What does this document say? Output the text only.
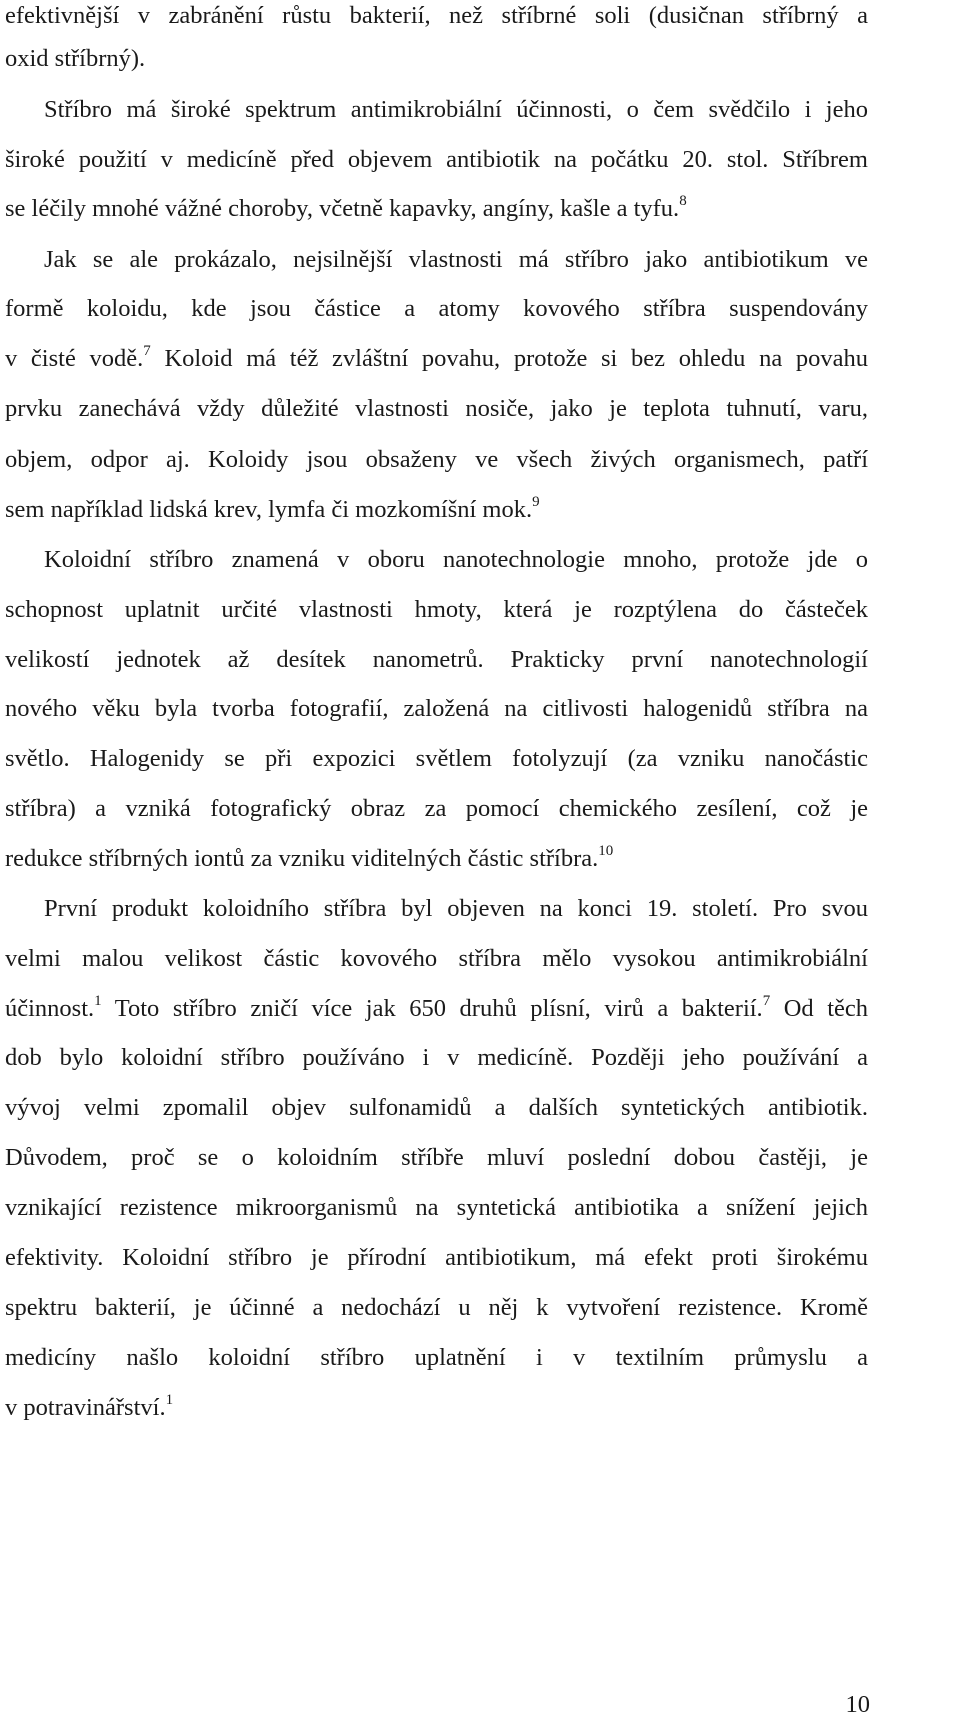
efektivnější v zabránění růstu bakterií, než stříbrné soli (dusičnan stříbrný a
oxid stříbrný).
Stříbro má široké spektrum antimikrobiální účinnosti, o čem svědčilo i jeho
široké použití v medicíně před objevem antibiotik na počátku 20. stol. Stříbrem
se léčily mnohé vážné choroby, včetně kapavky, angíny, kašle a tyfu.$^8$
Jak se ale prokázalo, nejsilnější vlastnosti má stříbro jako antibiotikum ve
formě koloidu, kde jsou částice a atomy kovového stříbra suspendovány
v čisté vodě.$^7$ Koloid má též zvláštní povahu, protože si bez ohledu na povahu
prvku zanechává vždy důležité vlastnosti nosiče, jako je teplota tuhnutí, varu,
objem, odpor aj. Koloidy jsou obsaženy ve všech živých organismech, patří
sem například lidská krev, lymfa či mozkomíšní mok.$^9$
Koloidní stříbro znamená v oboru nanotechnologie mnoho, protože jde o
schopnost uplatnit určité vlastnosti hmoty, která je rozptýlena do částeček
velikostí jednotek až desítek nanometrů. Prakticky první nanotechnologií
nového věku byla tvorba fotografií, založená na citlivosti halogenidů stříbra na
světlo. Halogenidy se při expozici světlem fotolyzují (za vzniku nanočástic
stříbra) a vzniká fotografický obraz za pomocí chemického zesílení, což je
redukce stříbrných iontů za vzniku viditelných částic stříbra.$^{10}$
První produkt koloidního stříbra byl objeven na konci 19. století. Pro svou
velmi malou velikost částic kovového stříbra mělo vysokou antimikrobiální
účinnost.$^1$ Toto stříbro zničí více jak 650 druhů plísní, virů a bakterií.$^7$ Od těch
dob bylo koloidní stříbro používáno i v medicíně. Později jeho používání a
vývoj velmi zpomalil objev sulfonamidů a dalších syntetických antibiotik.
Důvodem, proč se o koloidním stříbře mluví poslední dobou častěji, je
vznikající rezistence mikroorganismů na syntetická antibiotika a snížení jejich
efektivity. Koloidní stříbro je přírodní antibiotikum, má efekt proti širokému
spektru bakterií, je účinné a nedochází u něj k vytvoření rezistence. Kromě
medicíny našlo koloidní stříbro uplatnění i v textilním průmyslu a
v potravinářství.$^1$
10
